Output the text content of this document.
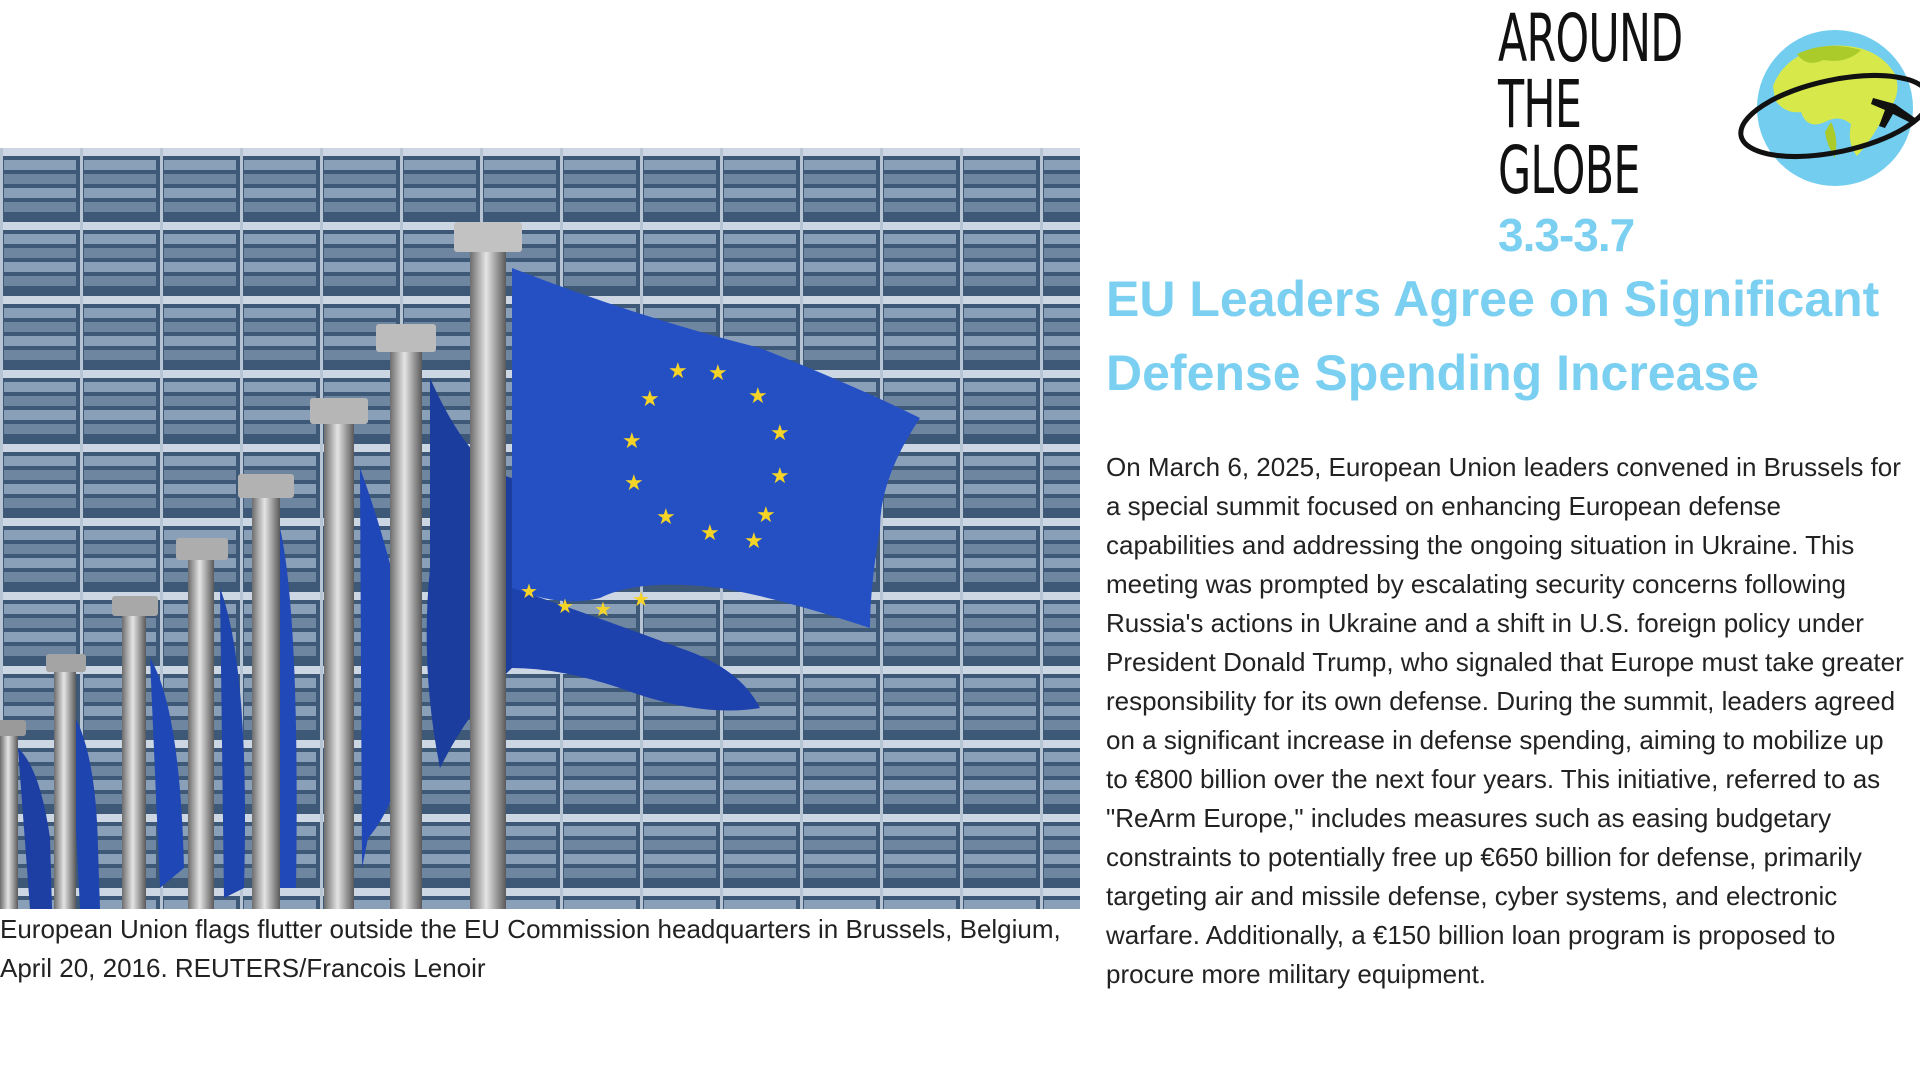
AROUND
THE
GLOBE
3.3-3.7
★ ★
★
★
★	★
★	★
★	★
★ ★
★
★ ★ ★

European Union flags flutter outside the EU Commission headquarters in Brussels, Belgium, April 20, 2016. REUTERS/Francois Lenoir

EU Leaders Agree on Significant Defense Spending Increase

On March 6, 2025, European Union leaders convened in Brussels for a special summit focused on enhancing European defense capabilities and addressing the ongoing situation in Ukraine. This meeting was prompted by escalating security concerns following Russia's actions in Ukraine and a shift in U.S. foreign policy under President Donald Trump, who signaled that Europe must take greater responsibility for its own defense. During the summit, leaders agreed on a significant increase in defense spending, aiming to mobilize up to €800 billion over the next four years. This initiative, referred to as "ReArm Europe," includes measures such as easing budgetary constraints to potentially free up €650 billion for defense, primarily targeting air and missile defense, cyber systems, and electronic warfare. Additionally, a €150 billion loan program is proposed to procure more military equipment.
